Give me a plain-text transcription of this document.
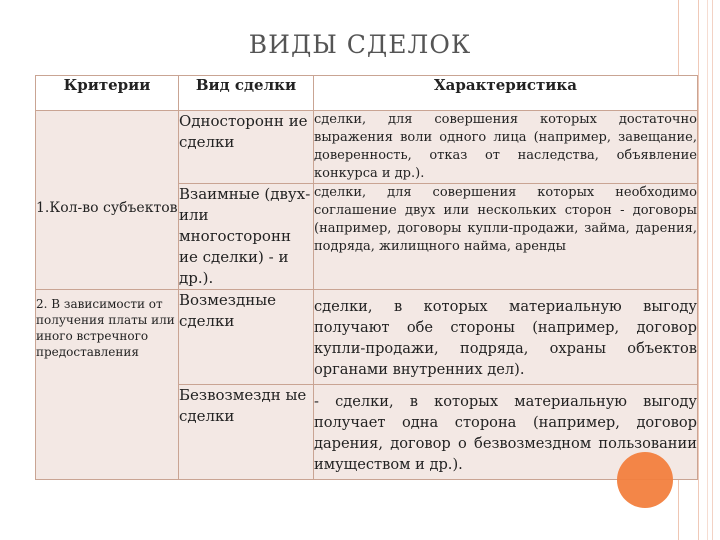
ВИДЫ СДЕЛОК
Критерии	Вид сделки	Характеристика

1.Кол-во субъектов	Односторонн ие сделки	сделки, для совершения которых достаточно выражения воли одного лица (например, завещание, доверенность, отказ от наследства, объявление конкурса и др.).
	Взаимные (двух- или многосторонн ие сделки) - и др.).	сделки, для совершения которых необходимо соглашение двух или нескольких сторон - договоры (например, договоры купли-продажи, займа, дарения, подряда, жилищного найма, аренды

2. В зависимости от получения платы или иного встречного предоставления	Возмездные сделки	сделки, в которых материальную выгоду получают обе стороны (например, договор купли-продажи, подряда, охраны объектов органами внутренних дел).
	Безвозмездн ые сделки	- сделки, в которых материальную выгоду получает одна сторона (например, договор дарения, договор о безвозмездном пользовании имуществом и др.).
